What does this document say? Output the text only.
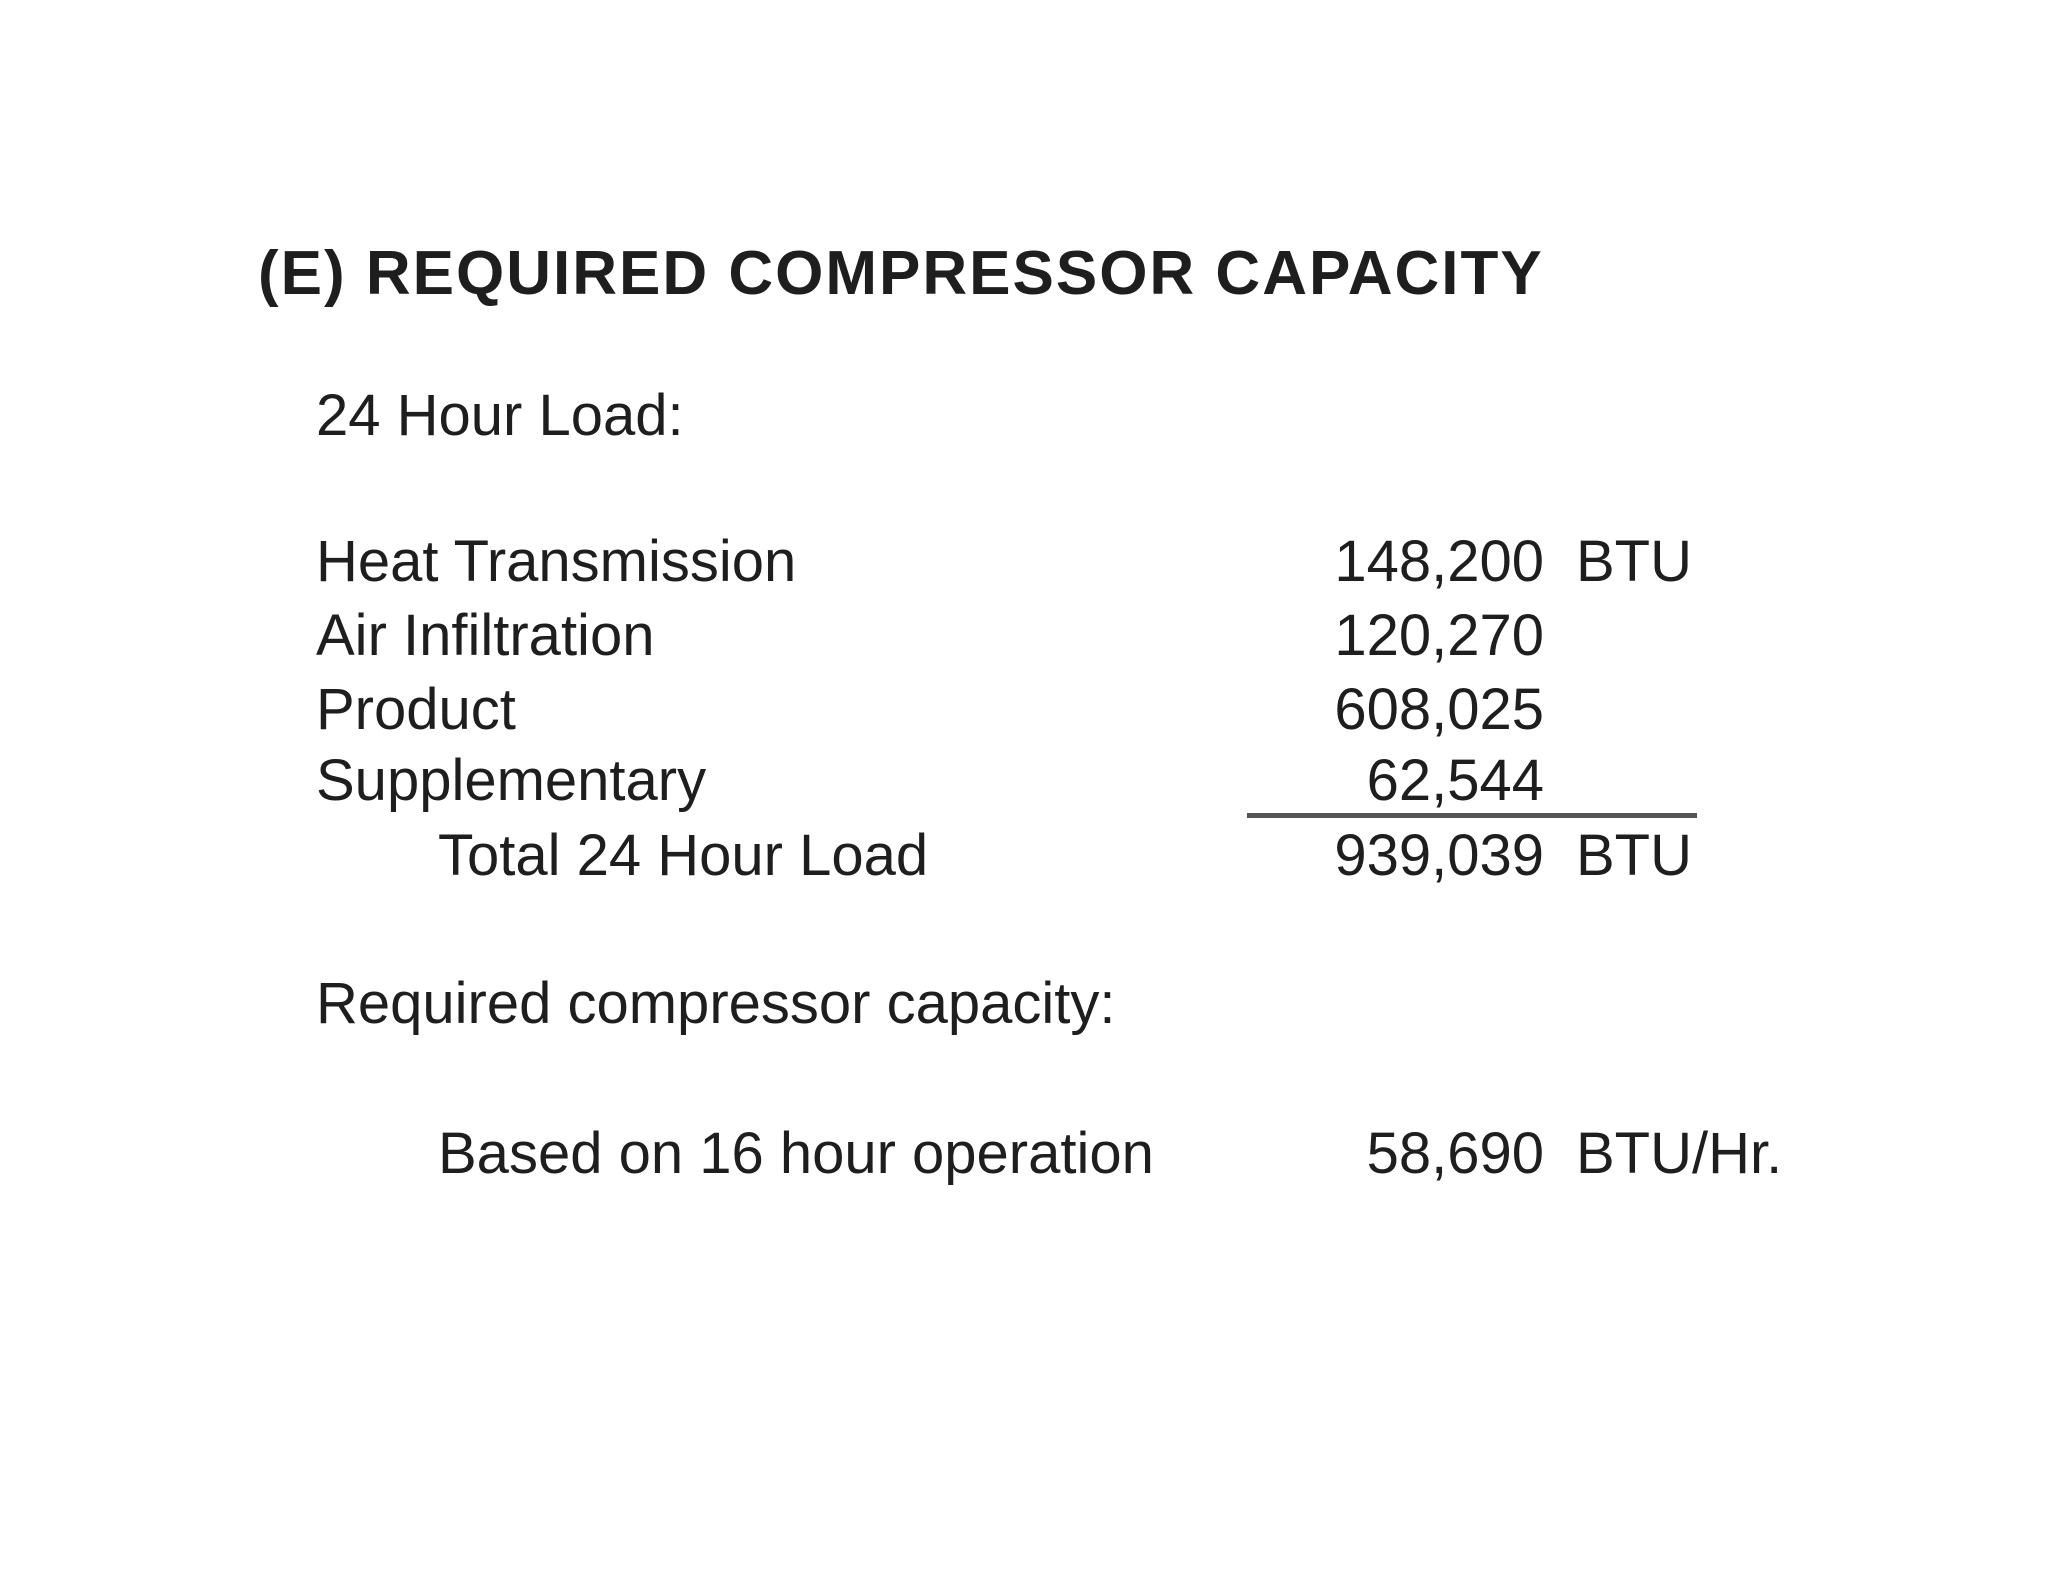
(E) REQUIRED COMPRESSOR CAPACITY
24 Hour Load:
Heat Transmission	148,200 BTU
Air Infiltration	120,270
Product	608,025
Supplementary	62,544
Total 24 Hour Load	939,039 BTU
Required compressor capacity:
Based on 16 hour operation	58,690 BTU/Hr.
